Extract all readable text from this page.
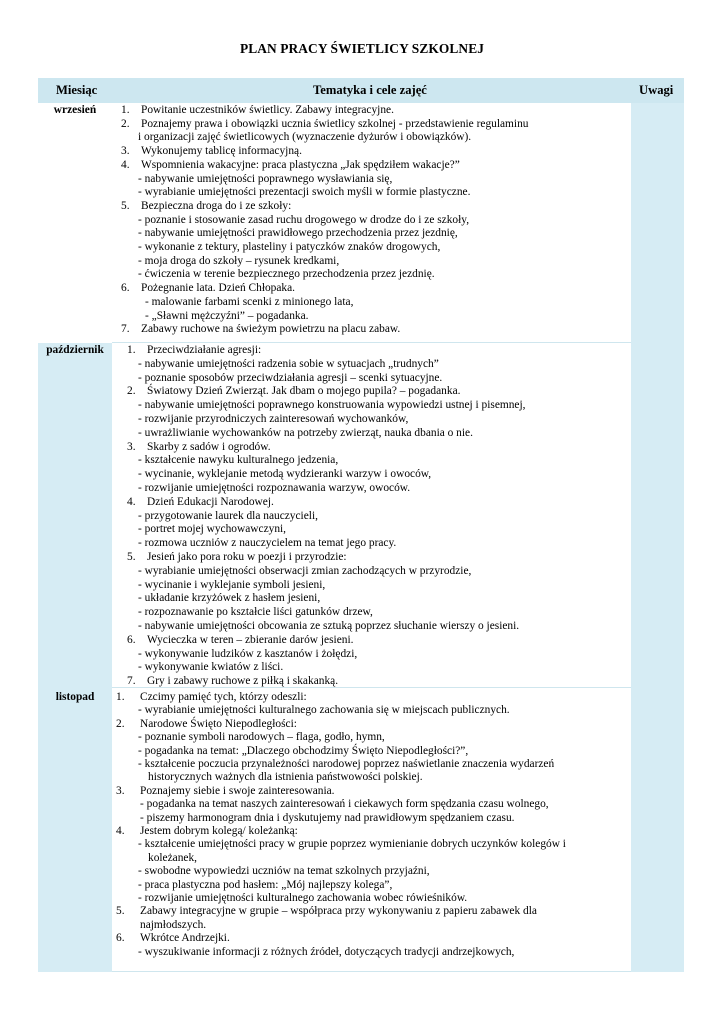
PLAN PRACY ŚWIETLICY SZKOLNEJ
Miesiąc	Tematyka i cele zajęć	Uwagi
wrzesień	1. Powitanie uczestników świetlicy. Zabawy integracyjne.
2. Poznajemy prawa i obowiązki ucznia świetlicy szkolnej - przedstawienie regulaminu
i organizacji zajęć świetlicowych (wyznaczenie dyżurów i obowiązków).
3. Wykonujemy tablicę informacyjną.
4. Wspomnienia wakacyjne: praca plastyczna „Jak spędziłem wakacje?”
- nabywanie umiejętności poprawnego wysławiania się,
- wyrabianie umiejętności prezentacji swoich myśli w formie plastyczne.
5. Bezpieczna droga do i ze szkoły:
- poznanie i stosowanie zasad ruchu drogowego w drodze do i ze szkoły,
- nabywanie umiejętności prawidłowego przechodzenia przez jezdnię,
- wykonanie z tektury, plasteliny i patyczków znaków drogowych,
- moja droga do szkoły – rysunek kredkami,
- ćwiczenia w terenie bezpiecznego przechodzenia przez jezdnię.
6. Pożegnanie lata. Dzień Chłopaka.
- malowanie farbami scenki z minionego lata,
- „Sławni mężczyźni” – pogadanka.
7. Zabawy ruchowe na świeżym powietrzu na placu zabaw.
październik	1. Przeciwdziałanie agresji:
- nabywanie umiejętności radzenia sobie w sytuacjach „trudnych”
- poznanie sposobów przeciwdziałania agresji – scenki sytuacyjne.
2. Światowy Dzień Zwierząt. Jak dbam o mojego pupila? – pogadanka.
- nabywanie umiejętności poprawnego konstruowania wypowiedzi ustnej i pisemnej,
- rozwijanie przyrodniczych zainteresowań wychowanków,
- uwrażliwianie wychowanków na potrzeby zwierząt, nauka dbania o nie.
3. Skarby z sadów i ogrodów.
- kształcenie nawyku kulturalnego jedzenia,
- wycinanie, wyklejanie metodą wydzieranki warzyw i owoców,
- rozwijanie umiejętności rozpoznawania warzyw, owoców.
4. Dzień Edukacji Narodowej.
- przygotowanie laurek dla nauczycieli,
- portret mojej wychowawczyni,
- rozmowa uczniów z nauczycielem na temat jego pracy.
5. Jesień jako pora roku w poezji i przyrodzie:
- wyrabianie umiejętności obserwacji zmian zachodzących w przyrodzie,
- wycinanie i wyklejanie symboli jesieni,
- układanie krzyżówek z hasłem jesieni,
- rozpoznawanie po kształcie liści gatunków drzew,
- nabywanie umiejętności obcowania ze sztuką poprzez słuchanie wierszy o jesieni.
6. Wycieczka w teren – zbieranie darów jesieni.
- wykonywanie ludzików z kasztanów i żołędzi,
- wykonywanie kwiatów z liści.
7. Gry i zabawy ruchowe z piłką i skakanką.
listopad	1. Czcimy pamięć tych, którzy odeszli:
- wyrabianie umiejętności kulturalnego zachowania się w miejscach publicznych.
2. Narodowe Święto Niepodległości:
- poznanie symboli narodowych – flaga, godło, hymn,
- pogadanka na temat: „Dlaczego obchodzimy Święto Niepodległości?”,
- kształcenie poczucia przynależności narodowej poprzez naświetlanie znaczenia wydarzeń
historycznych ważnych dla istnienia państwowości polskiej.
3. Poznajemy siebie i swoje zainteresowania.
- pogadanka na temat naszych zainteresowań i ciekawych form spędzania czasu wolnego,
- piszemy harmonogram dnia i dyskutujemy nad prawidłowym spędzaniem czasu.
4. Jestem dobrym kolegą/ koleżanką:
- kształcenie umiejętności pracy w grupie poprzez wymienianie dobrych uczynków kolegów i
koleżanek,
- swobodne wypowiedzi uczniów na temat szkolnych przyjaźni,
- praca plastyczna pod hasłem: „Mój najlepszy kolega”,
- rozwijanie umiejętności kulturalnego zachowania wobec rówieśników.
5. Zabawy integracyjne w grupie – współpraca przy wykonywaniu z papieru zabawek dla
najmłodszych.
6. Wkrótce Andrzejki.
- wyszukiwanie informacji z różnych źródeł, dotyczących tradycji andrzejkowych,
